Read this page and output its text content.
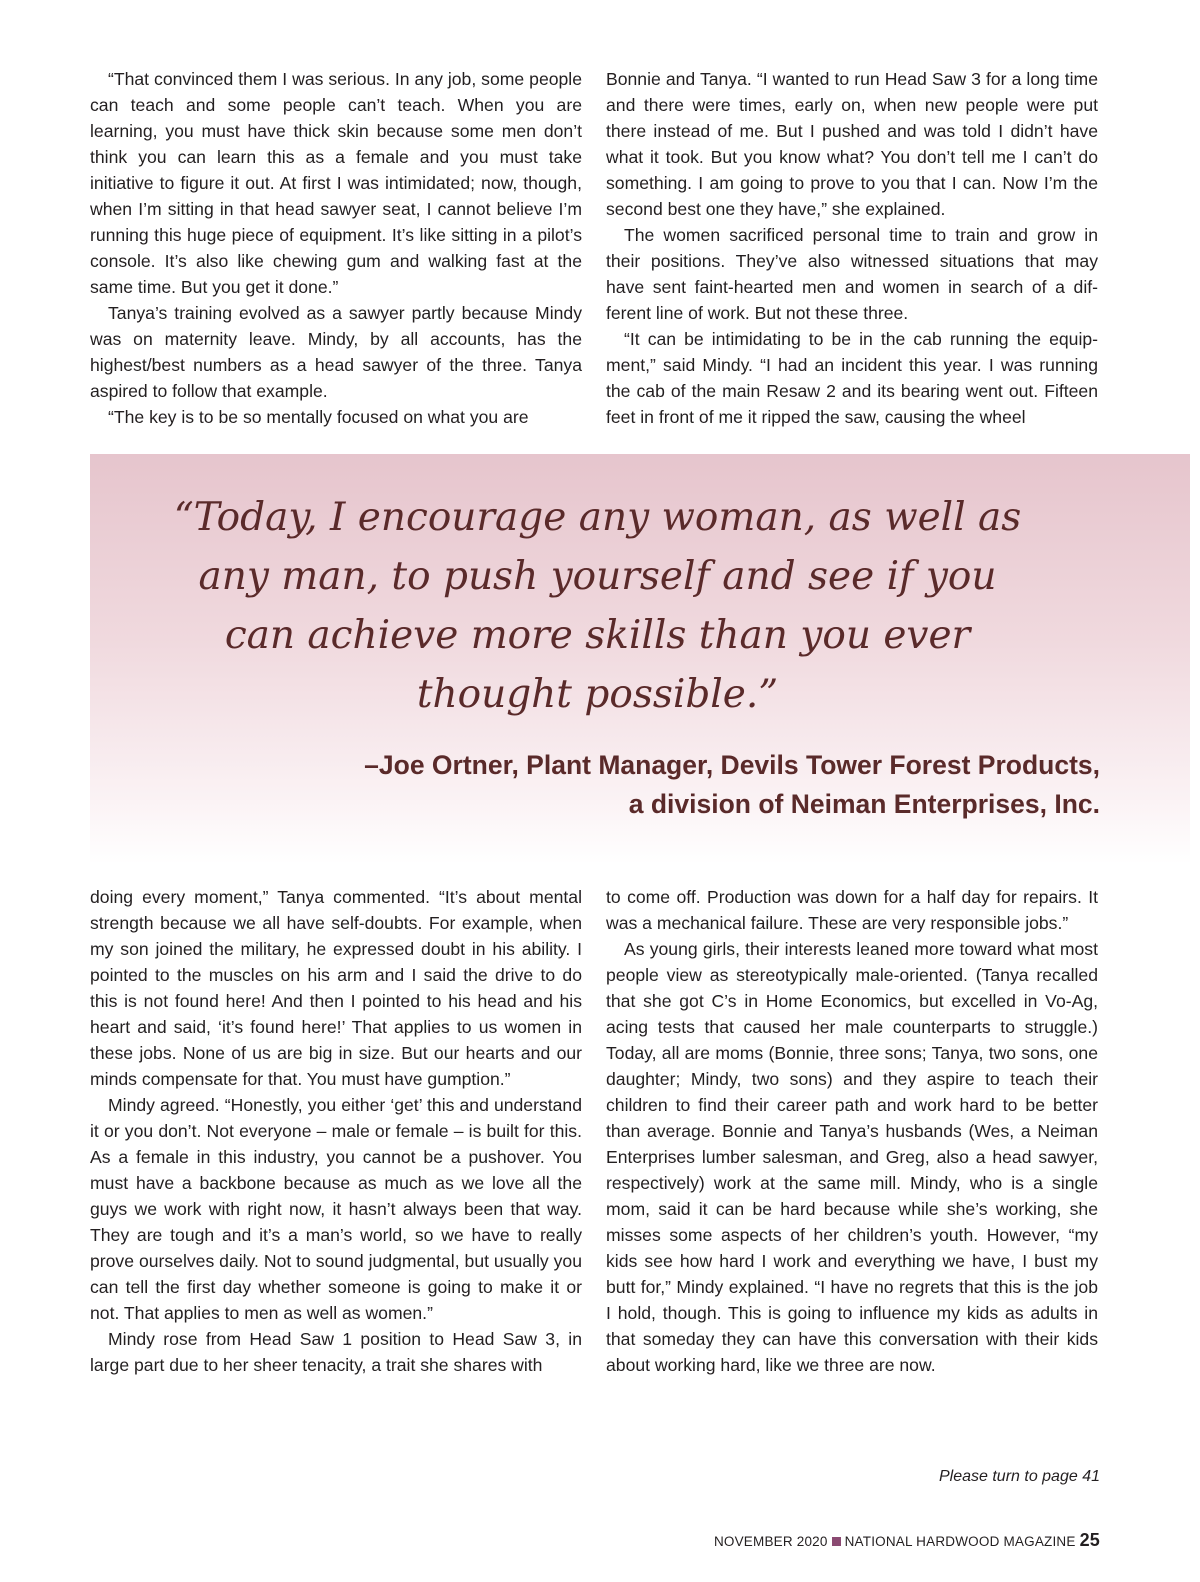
“That convinced them I was serious. In any job, some people can teach and some people can’t teach. When you are learning, you must have thick skin because some men don’t think you can learn this as a female and you must take initiative to figure it out. At first I was intimidated; now, though, when I’m sitting in that head sawyer seat, I cannot believe I’m running this huge piece of equipment. It’s like sitting in a pilot’s console. It’s also like chewing gum and walking fast at the same time. But you get it done.”

Tanya’s training evolved as a sawyer partly because Mindy was on maternity leave. Mindy, by all accounts, has the highest/best numbers as a head sawyer of the three. Tanya aspired to follow that example.

“The key is to be so mentally focused on what you are

Bonnie and Tanya. “I wanted to run Head Saw 3 for a long time and there were times, early on, when new people were put there instead of me. But I pushed and was told I didn’t have what it took. But you know what? You don’t tell me I can’t do something. I am going to prove to you that I can. Now I’m the second best one they have,” she explained.

The women sacrificed personal time to train and grow in their positions. They’ve also witnessed situations that may have sent faint-hearted men and women in search of a different line of work. But not these three.

“It can be intimidating to be in the cab running the equipment,” said Mindy. “I had an incident this year. I was running the cab of the main Resaw 2 and its bearing went out. Fifteen feet in front of me it ripped the saw, causing the wheel

“Today, I encourage any woman, as well as any man, to push yourself and see if you can achieve more skills than you ever thought possible.”

–Joe Ortner, Plant Manager, Devils Tower Forest Products,
a division of Neiman Enterprises, Inc.

doing every moment,” Tanya commented. “It’s about mental strength because we all have self-doubts. For example, when my son joined the military, he expressed doubt in his ability. I pointed to the muscles on his arm and I said the drive to do this is not found here! And then I pointed to his head and his heart and said, ‘it’s found here!’ That applies to us women in these jobs. None of us are big in size. But our hearts and our minds compensate for that. You must have gumption.”

Mindy agreed. “Honestly, you either ‘get’ this and understand it or you don’t. Not everyone – male or female – is built for this. As a female in this industry, you cannot be a pushover. You must have a backbone because as much as we love all the guys we work with right now, it hasn’t always been that way. They are tough and it’s a man’s world, so we have to really prove ourselves daily. Not to sound judgmental, but usually you can tell the first day whether someone is going to make it or not. That applies to men as well as women.”

Mindy rose from Head Saw 1 position to Head Saw 3, in large part due to her sheer tenacity, a trait she shares with

to come off. Production was down for a half day for repairs. It was a mechanical failure. These are very responsible jobs.”

As young girls, their interests leaned more toward what most people view as stereotypically male-oriented. (Tanya recalled that she got C’s in Home Economics, but excelled in Vo-Ag, acing tests that caused her male counterparts to struggle.) Today, all are moms (Bonnie, three sons; Tanya, two sons, one daughter; Mindy, two sons) and they aspire to teach their children to find their career path and work hard to be better than average. Bonnie and Tanya’s husbands (Wes, a Neiman Enterprises lumber salesman, and Greg, also a head sawyer, respectively) work at the same mill. Mindy, who is a single mom, said it can be hard because while she’s working, she misses some aspects of her children’s youth. However, “my kids see how hard I work and everything we have, I bust my butt for,” Mindy explained. “I have no regrets that this is the job I hold, though. This is going to influence my kids as adults in that someday they can have this conversation with their kids about working hard, like we three are now.

Please turn to page 41
NOVEMBER 2020 NATIONAL HARDWOOD MAGAZINE 25
